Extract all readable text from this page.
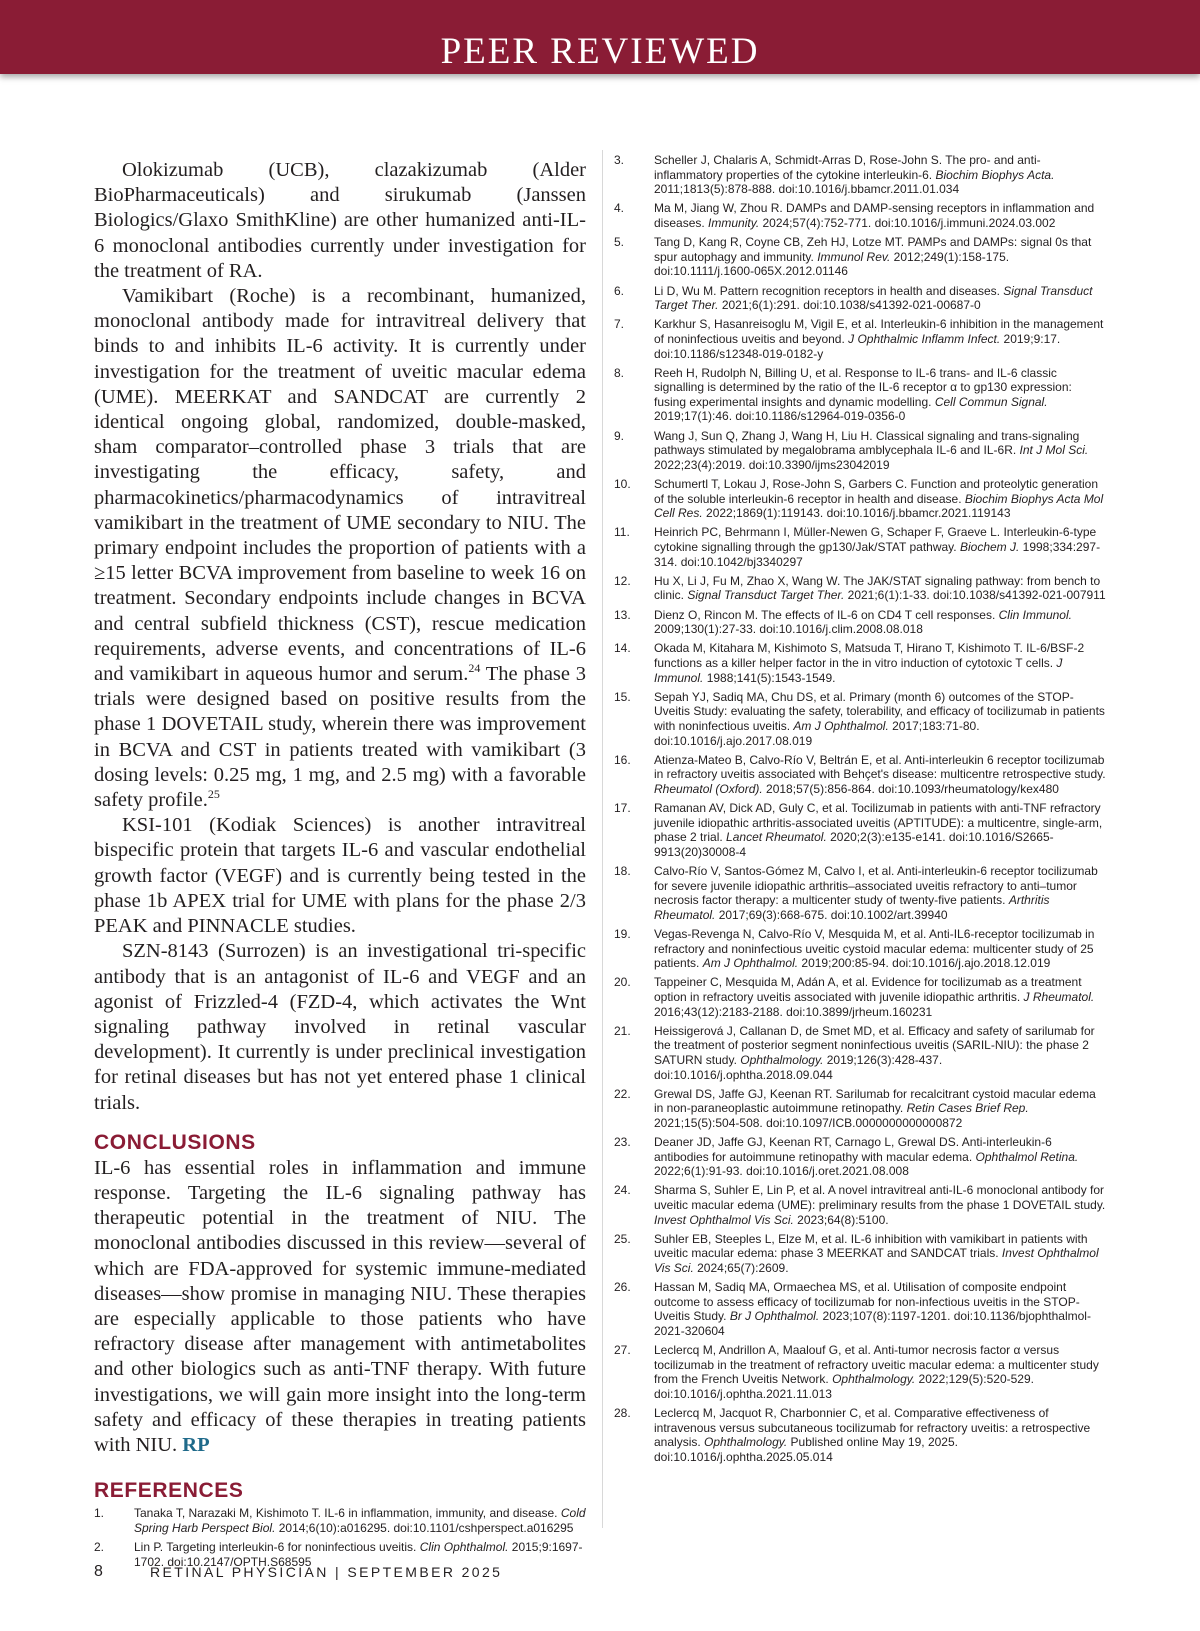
PEER REVIEWED

Olokizumab (UCB), clazakizumab (Alder BioPharmaceuticals) and sirukumab (Janssen Biologics/Glaxo SmithKline) are other humanized anti-IL-6 monoclonal antibodies currently under investigation for the treatment of RA.

Vamikibart (Roche) is a recombinant, humanized, monoclonal antibody made for intravitreal delivery that binds to and inhibits IL-6 activity. It is currently under investigation for the treatment of uveitic macular edema (UME). MEERKAT and SANDCAT are currently 2 identical ongoing global, randomized, double-masked, sham comparator–controlled phase 3 trials that are investigating the efficacy, safety, and pharmacokinetics/pharmacodynamics of intravitreal vamikibart in the treatment of UME secondary to NIU. The primary endpoint includes the proportion of patients with a ≥15 letter BCVA improvement from baseline to week 16 on treatment. Secondary endpoints include changes in BCVA and central subfield thickness (CST), rescue medication requirements, adverse events, and concentrations of IL-6 and vamikibart in aqueous humor and serum.$^{24}$ The phase 3 trials were designed based on positive results from the phase 1 DOVETAIL study, wherein there was improvement in BCVA and CST in patients treated with vamikibart (3 dosing levels: 0.25 mg, 1 mg, and 2.5 mg) with a favorable safety profile.$^{25}$

KSI-101 (Kodiak Sciences) is another intravitreal bispecific protein that targets IL-6 and vascular endothelial growth factor (VEGF) and is currently being tested in the phase 1b APEX trial for UME with plans for the phase 2/3 PEAK and PINNACLE studies.

SZN-8143 (Surrozen) is an investigational tri-specific antibody that is an antagonist of IL-6 and VEGF and an agonist of Frizzled-4 (FZD-4, which activates the Wnt signaling pathway involved in retinal vascular development). It currently is under preclinical investigation for retinal diseases but has not yet entered phase 1 clinical trials.

CONCLUSIONS

IL-6 has essential roles in inflammation and immune response. Targeting the IL-6 signaling pathway has therapeutic potential in the treatment of NIU. The monoclonal antibodies discussed in this review—several of which are FDA-approved for systemic immune-mediated diseases—show promise in managing NIU. These therapies are especially applicable to those patients who have refractory disease after management with antimetabolites and other biologics such as anti-TNF therapy. With future investigations, we will gain more insight into the long-term safety and efficacy of these therapies in treating patients with NIU. RP

REFERENCES
1.	Tanaka T, Narazaki M, Kishimoto T. IL-6 in inflammation, immunity, and disease. Cold Spring Harb Perspect Biol. 2014;6(10):a016295. doi:10.1101/cshperspect.a016295
2.	Lin P. Targeting interleukin-6 for noninfectious uveitis. Clin Ophthalmol. 2015;9:1697-1702. doi:10.2147/OPTH.S68595
3.	Scheller J, Chalaris A, Schmidt-Arras D, Rose-John S. The pro- and anti-inflammatory properties of the cytokine interleukin-6. Biochim Biophys Acta. 2011;1813(5):878-888. doi:10.1016/j.bbamcr.2011.01.034
4.	Ma M, Jiang W, Zhou R. DAMPs and DAMP-sensing receptors in inflammation and diseases. Immunity. 2024;57(4):752-771. doi:10.1016/j.immuni.2024.03.002
5.	Tang D, Kang R, Coyne CB, Zeh HJ, Lotze MT. PAMPs and DAMPs: signal 0s that spur autophagy and immunity. Immunol Rev. 2012;249(1):158-175. doi:10.1111/j.1600-065X.2012.01146
6.	Li D, Wu M. Pattern recognition receptors in health and diseases. Signal Transduct Target Ther. 2021;6(1):291. doi:10.1038/s41392-021-00687-0
7.	Karkhur S, Hasanreisoglu M, Vigil E, et al. Interleukin-6 inhibition in the management of noninfectious uveitis and beyond. J Ophthalmic Inflamm Infect. 2019;9:17. doi:10.1186/s12348-019-0182-y
8.	Reeh H, Rudolph N, Billing U, et al. Response to IL-6 trans- and IL-6 classic signalling is determined by the ratio of the IL-6 receptor α to gp130 expression: fusing experimental insights and dynamic modelling. Cell Commun Signal. 2019;17(1):46. doi:10.1186/s12964-019-0356-0
9.	Wang J, Sun Q, Zhang J, Wang H, Liu H. Classical signaling and trans-signaling pathways stimulated by megalobrama amblycephala IL-6 and IL-6R. Int J Mol Sci. 2022;23(4):2019. doi:10.3390/ijms23042019
10.	Schumertl T, Lokau J, Rose-John S, Garbers C. Function and proteolytic generation of the soluble interleukin-6 receptor in health and disease. Biochim Biophys Acta Mol Cell Res. 2022;1869(1):119143. doi:10.1016/j.bbamcr.2021.119143
11.	Heinrich PC, Behrmann I, Müller-Newen G, Schaper F, Graeve L. Interleukin-6-type cytokine signalling through the gp130/Jak/STAT pathway. Biochem J. 1998;334:297-314. doi:10.1042/bj3340297
12.	Hu X, Li J, Fu M, Zhao X, Wang W. The JAK/STAT signaling pathway: from bench to clinic. Signal Transduct Target Ther. 2021;6(1):1-33. doi:10.1038/s41392-021-007911
13.	Dienz O, Rincon M. The effects of IL-6 on CD4 T cell responses. Clin Immunol. 2009;130(1):27-33. doi:10.1016/j.clim.2008.08.018
14.	Okada M, Kitahara M, Kishimoto S, Matsuda T, Hirano T, Kishimoto T. IL-6/BSF-2 functions as a killer helper factor in the in vitro induction of cytotoxic T cells. J Immunol. 1988;141(5):1543-1549.
15.	Sepah YJ, Sadiq MA, Chu DS, et al. Primary (month 6) outcomes of the STOP-Uveitis Study: evaluating the safety, tolerability, and efficacy of tocilizumab in patients with noninfectious uveitis. Am J Ophthalmol. 2017;183:71-80. doi:10.1016/j.ajo.2017.08.019
16.	Atienza-Mateo B, Calvo-Río V, Beltrán E, et al. Anti-interleukin 6 receptor tocilizumab in refractory uveitis associated with Behçet's disease: multicentre retrospective study. Rheumatol (Oxford). 2018;57(5):856-864. doi:10.1093/rheumatology/kex480
17.	Ramanan AV, Dick AD, Guly C, et al. Tocilizumab in patients with anti-TNF refractory juvenile idiopathic arthritis-associated uveitis (APTITUDE): a multicentre, single-arm, phase 2 trial. Lancet Rheumatol. 2020;2(3):e135-e141. doi:10.1016/S2665-9913(20)30008-4
18.	Calvo-Río V, Santos-Gómez M, Calvo I, et al. Anti-interleukin-6 receptor tocilizumab for severe juvenile idiopathic arthritis–associated uveitis refractory to anti–tumor necrosis factor therapy: a multicenter study of twenty-five patients. Arthritis Rheumatol. 2017;69(3):668-675. doi:10.1002/art.39940
19.	Vegas-Revenga N, Calvo-Río V, Mesquida M, et al. Anti-IL6-receptor tocilizumab in refractory and noninfectious uveitic cystoid macular edema: multicenter study of 25 patients. Am J Ophthalmol. 2019;200:85-94. doi:10.1016/j.ajo.2018.12.019
20.	Tappeiner C, Mesquida M, Adán A, et al. Evidence for tocilizumab as a treatment option in refractory uveitis associated with juvenile idiopathic arthritis. J Rheumatol. 2016;43(12):2183-2188. doi:10.3899/jrheum.160231
21.	Heissigerová J, Callanan D, de Smet MD, et al. Efficacy and safety of sarilumab for the treatment of posterior segment noninfectious uveitis (SARIL-NIU): the phase 2 SATURN study. Ophthalmology. 2019;126(3):428-437. doi:10.1016/j.ophtha.2018.09.044
22.	Grewal DS, Jaffe GJ, Keenan RT. Sarilumab for recalcitrant cystoid macular edema in non-paraneoplastic autoimmune retinopathy. Retin Cases Brief Rep. 2021;15(5):504-508. doi:10.1097/ICB.0000000000000872
23.	Deaner JD, Jaffe GJ, Keenan RT, Carnago L, Grewal DS. Anti-interleukin-6 antibodies for autoimmune retinopathy with macular edema. Ophthalmol Retina. 2022;6(1):91-93. doi:10.1016/j.oret.2021.08.008
24.	Sharma S, Suhler E, Lin P, et al. A novel intravitreal anti-IL-6 monoclonal antibody for uveitic macular edema (UME): preliminary results from the phase 1 DOVETAIL study. Invest Ophthalmol Vis Sci. 2023;64(8):5100.
25.	Suhler EB, Steeples L, Elze M, et al. IL-6 inhibition with vamikibart in patients with uveitic macular edema: phase 3 MEERKAT and SANDCAT trials. Invest Ophthalmol Vis Sci. 2024;65(7):2609.
26.	Hassan M, Sadiq MA, Ormaechea MS, et al. Utilisation of composite endpoint outcome to assess efficacy of tocilizumab for non-infectious uveitis in the STOP-Uveitis Study. Br J Ophthalmol. 2023;107(8):1197-1201. doi:10.1136/bjophthalmol-2021-320604
27.	Leclercq M, Andrillon A, Maalouf G, et al. Anti-tumor necrosis factor α versus tocilizumab in the treatment of refractory uveitic macular edema: a multicenter study from the French Uveitis Network. Ophthalmology. 2022;129(5):520-529. doi:10.1016/j.ophtha.2021.11.013
28.	Leclercq M, Jacquot R, Charbonnier C, et al. Comparative effectiveness of intravenous versus subcutaneous tocilizumab for refractory uveitis: a retrospective analysis. Ophthalmology. Published online May 19, 2025. doi:10.1016/j.ophtha.2025.05.014
8	RETINAL PHYSICIAN | SEPTEMBER 2025
